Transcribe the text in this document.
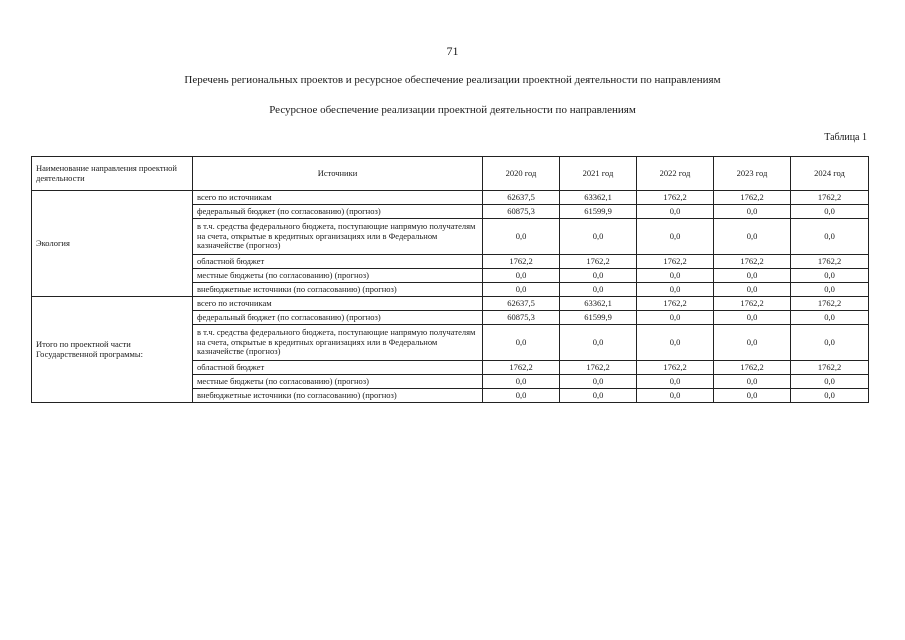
71
Перечень региональных проектов и ресурсное обеспечение реализации проектной деятельности по направлениям
Ресурсное обеспечение реализации проектной деятельности по направлениям
Таблица 1
Наименование направления проектной деятельности	Источники	2020 год	2021 год	2022 год	2023 год	2024 год
Экология	всего по источникам	62637,5	63362,1	1762,2	1762,2	1762,2
	федеральный бюджет (по согласованию) (прогноз)	60875,3	61599,9	0,0	0,0	0,0
	в т.ч. средства федерального бюджета, поступающие напрямую получателям на счета, открытые в кредитных организациях или в Федеральном казначействе (прогноз)	0,0	0,0	0,0	0,0	0,0
	областной бюджет	1762,2	1762,2	1762,2	1762,2	1762,2
	местные бюджеты (по согласованию) (прогноз)	0,0	0,0	0,0	0,0	0,0
	внебюджетные источники (по согласованию) (прогноз)	0,0	0,0	0,0	0,0	0,0
Итого по проектной части Государственной программы:	всего по источникам	62637,5	63362,1	1762,2	1762,2	1762,2
	федеральный бюджет (по согласованию) (прогноз)	60875,3	61599,9	0,0	0,0	0,0
	в т.ч. средства федерального бюджета, поступающие напрямую получателям на счета, открытые в кредитных организациях или в Федеральном казначействе (прогноз)	0,0	0,0	0,0	0,0	0,0
	областной бюджет	1762,2	1762,2	1762,2	1762,2	1762,2
	местные бюджеты (по согласованию) (прогноз)	0,0	0,0	0,0	0,0	0,0
	внебюджетные источники (по согласованию) (прогноз)	0,0	0,0	0,0	0,0	0,0
